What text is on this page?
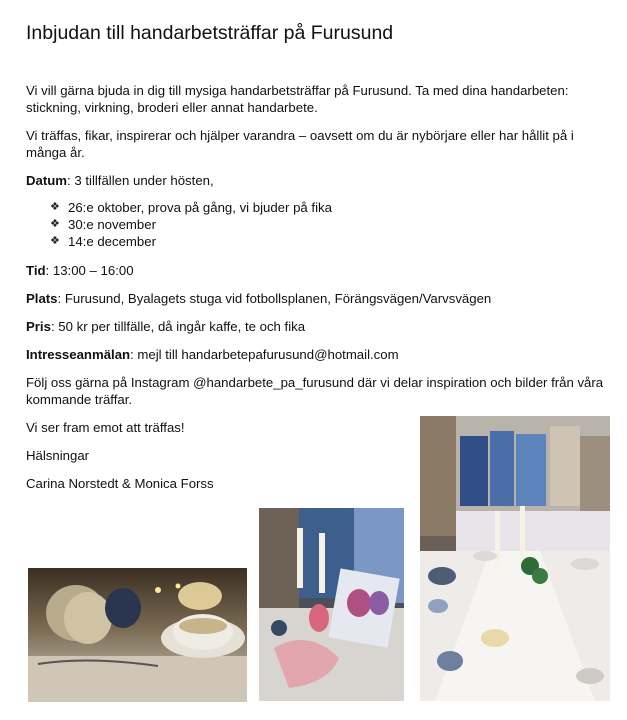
Inbjudan till handarbetsträffar på Furusund

Vi vill gärna bjuda in dig till mysiga handarbetsträffar på Furusund. Ta med dina handarbeten: stickning, virkning, broderi eller annat handarbete.

Vi träffas, fikar, inspirerar och hjälper varandra – oavsett om du är nybörjare eller har hållit på i många år.

Datum: 3 tillfällen under hösten,

❖ 26:e oktober, prova på gång, vi bjuder på fika
❖ 30:e november
❖ 14:e december

Tid: 13:00 – 16:00

Plats: Furusund, Byalagets stuga vid fotbollsplanen, Förängsvägen/Varvsvägen

Pris: 50 kr per tillfälle, då ingår kaffe, te och fika

Intresseanmälan: mejl till handarbetepafurusund@hotmail.com

Följ oss gärna på Instagram @handarbete_pa_furusund där vi delar inspiration och bilder från våra kommande träffar.

Vi ser fram emot att träffas!

Hälsningar

Carina Norstedt & Monica Forss
